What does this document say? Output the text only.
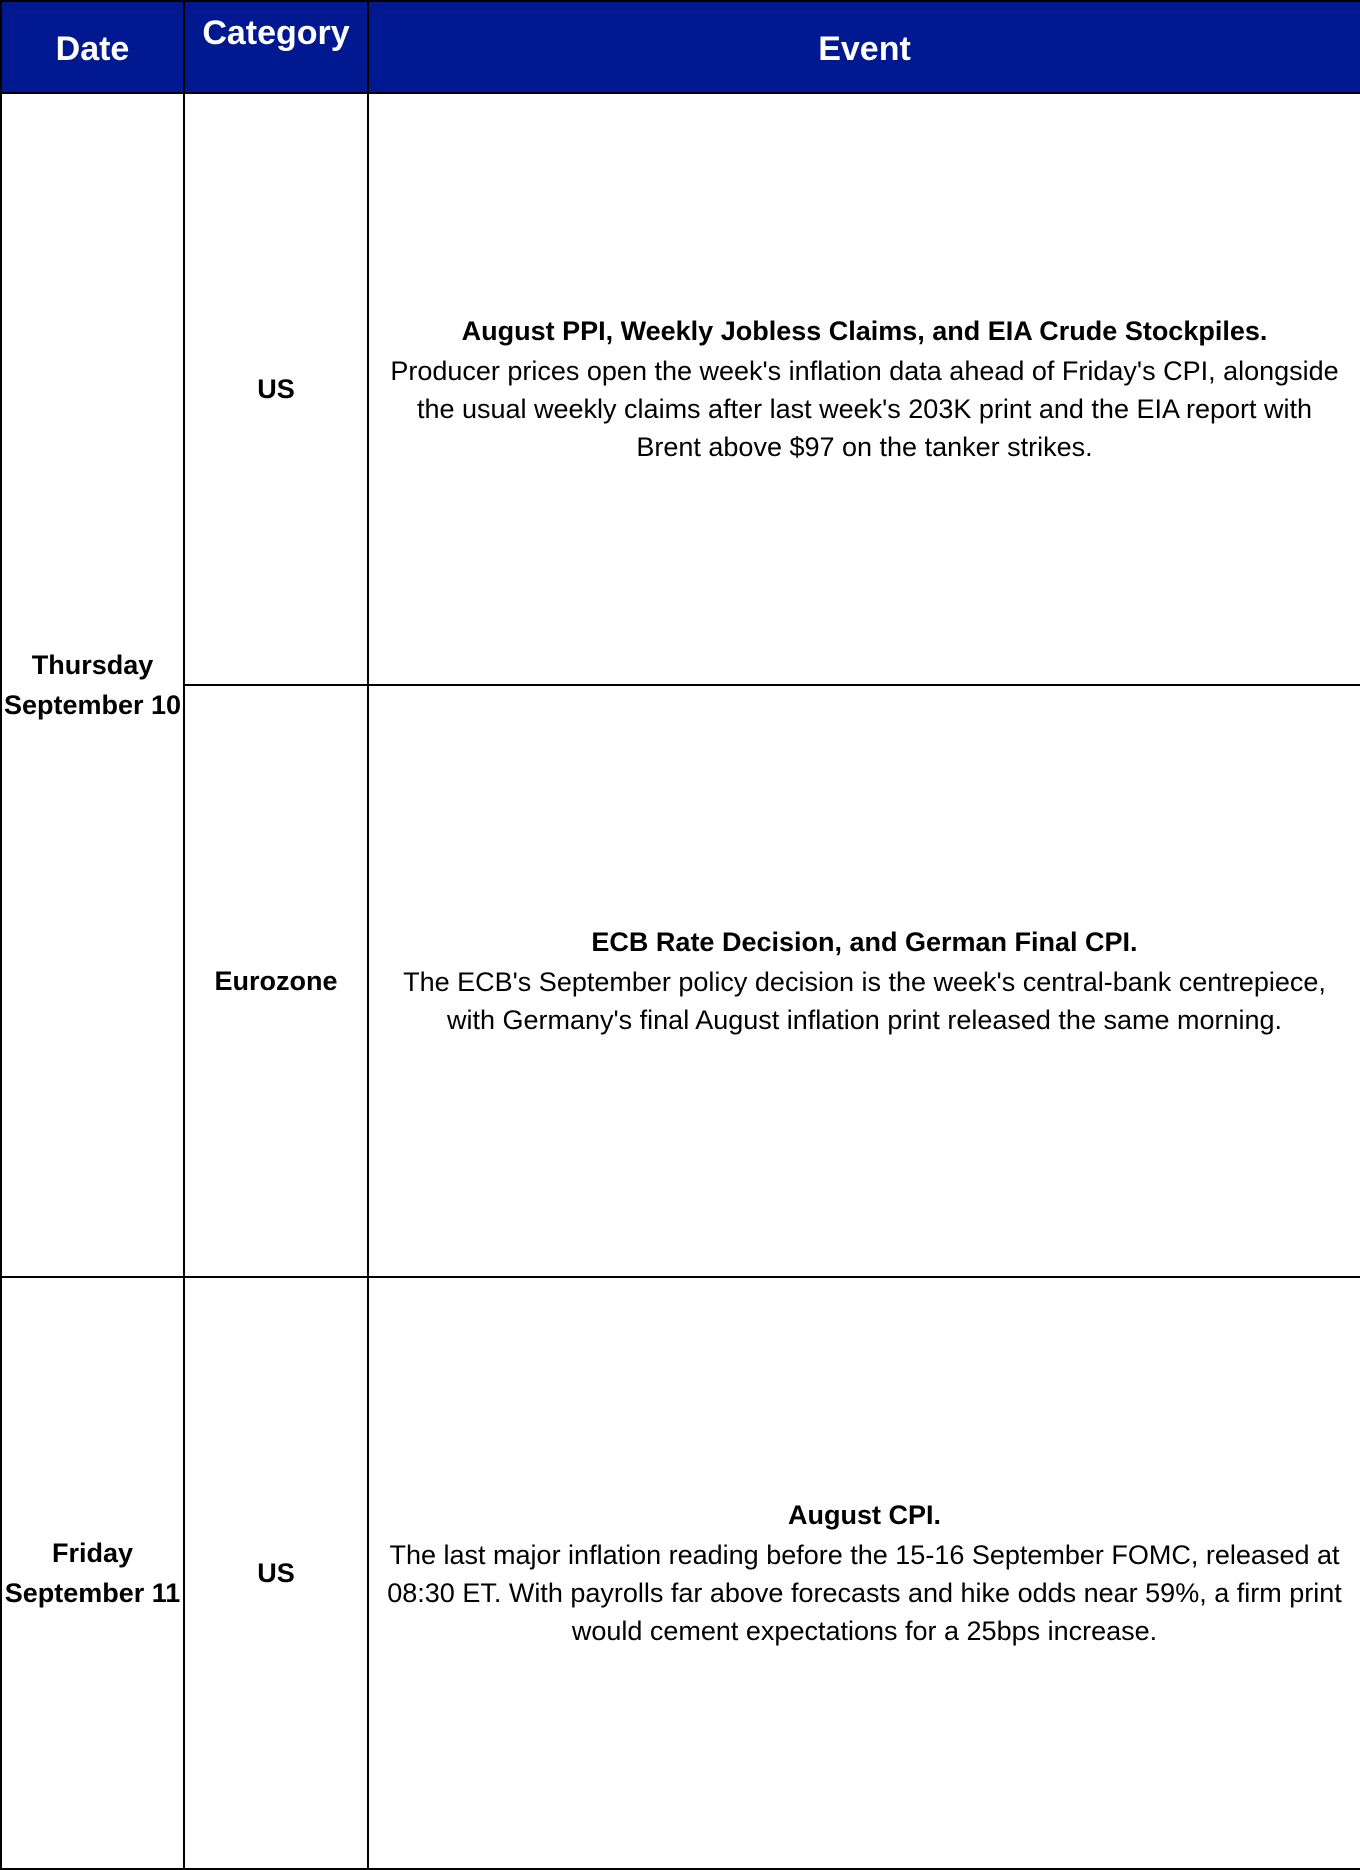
Date	Category	Event

Thursday
September 10	US	August PPI, Weekly Jobless Claims, and EIA Crude Stockpiles.
Producer prices open the week's inflation data ahead of Friday's CPI, alongside the usual weekly claims after last week's 203K print and the EIA report with Brent above $97 on the tanker strikes.

	Eurozone	ECB Rate Decision, and German Final CPI.
The ECB's September policy decision is the week's central-bank centrepiece, with Germany's final August inflation print released the same morning.

Friday
September 11	US	August CPI.
The last major inflation reading before the 15-16 September FOMC, released at 08:30 ET. With payrolls far above forecasts and hike odds near 59%, a firm print would cement expectations for a 25bps increase.
